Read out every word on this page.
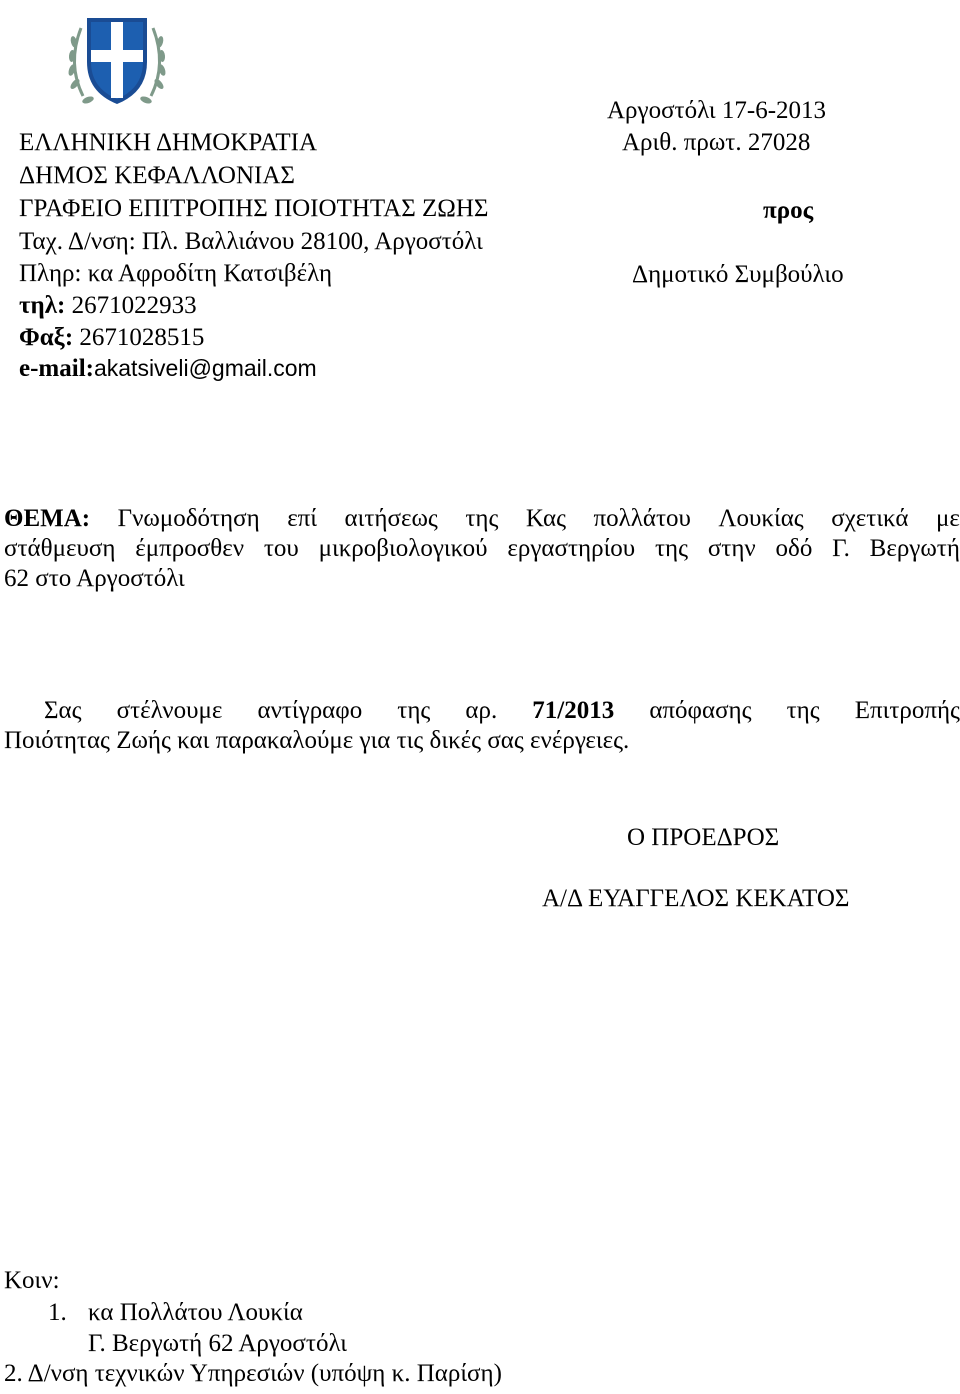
ΕΛΛΗΝΙΚΗ ΔΗΜΟΚΡΑΤΙΑ
ΔΗΜΟΣ ΚΕΦΑΛΛΟΝΙΑΣ
ΓΡΑΦΕΙΟ ΕΠΙΤΡΟΠΗΣ ΠΟΙΟΤΗΤΑΣ ΖΩΗΣ
Ταχ. Δ/νση: Πλ. Βαλλιάνου 28100, Αργοστόλι
Πληρ: κα Αφροδίτη Κατσιβέλη
τηλ: 2671022933
Φαξ: 2671028515
e-mail:akatsiveli@gmail.com
Αργοστόλι 17-6-2013
Αριθ. πρωτ. 27028
προς
Δημοτικό Συμβούλιο
ΘΕΜΑ: Γνωμοδότηση επί αιτήσεως της Κας πολλάτου Λουκίας σχετικά με
στάθμευση έμπροσθεν του μικροβιολογικού εργαστηρίου της στην οδό Γ. Βεργωτή
62 στο Αργοστόλι
Σας στέλνουμε αντίγραφο της αρ. 71/2013 απόφασης της Επιτροπής
Ποιότητας Ζωής και παρακαλούμε για τις δικές σας ενέργειες.
Ο ΠΡΟΕΔΡΟΣ
Α/Δ ΕΥΑΓΓΕΛΟΣ ΚΕΚΑΤΟΣ
Κοιν:
1. κα Πολλάτου Λουκία
Γ. Βεργωτή 62 Αργοστόλι
2. Δ/νση τεχνικών Υπηρεσιών (υπόψη κ. Παρίση)
